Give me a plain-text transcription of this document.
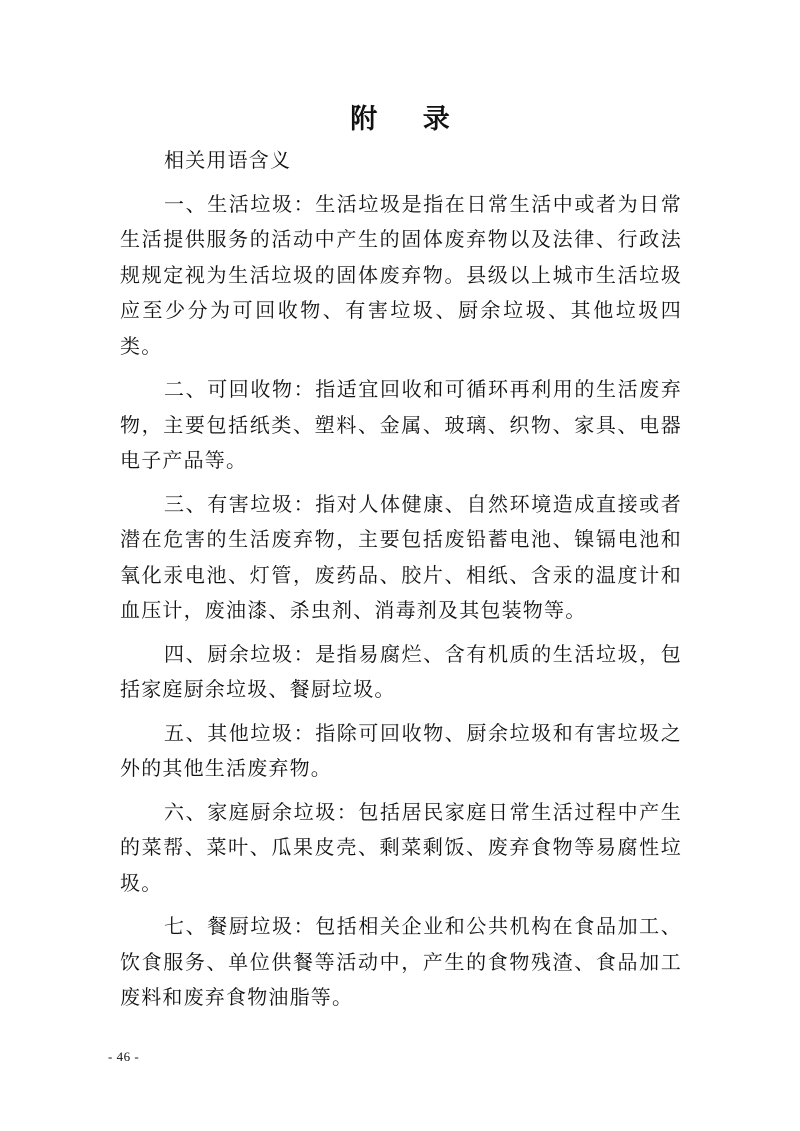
附 录

相关用语含义

一、生活垃圾：生活垃圾是指在日常生活中或者为日常生活提供服务的活动中产生的固体废弃物以及法律、行政法规规定视为生活垃圾的固体废弃物。县级以上城市生活垃圾应至少分为可回收物、有害垃圾、厨余垃圾、其他垃圾四类。

二、可回收物：指适宜回收和可循环再利用的生活废弃物，主要包括纸类、塑料、金属、玻璃、织物、家具、电器电子产品等。

三、有害垃圾：指对人体健康、自然环境造成直接或者潜在危害的生活废弃物，主要包括废铅蓄电池、镍镉电池和氧化汞电池、灯管，废药品、胶片、相纸、含汞的温度计和血压计，废油漆、杀虫剂、消毒剂及其包装物等。

四、厨余垃圾：是指易腐烂、含有机质的生活垃圾，包括家庭厨余垃圾、餐厨垃圾。

五、其他垃圾：指除可回收物、厨余垃圾和有害垃圾之外的其他生活废弃物。

六、家庭厨余垃圾：包括居民家庭日常生活过程中产生的菜帮、菜叶、瓜果皮壳、剩菜剩饭、废弃食物等易腐性垃圾。

七、餐厨垃圾：包括相关企业和公共机构在食品加工、饮食服务、单位供餐等活动中，产生的食物残渣、食品加工废料和废弃食物油脂等。

- 46 -
